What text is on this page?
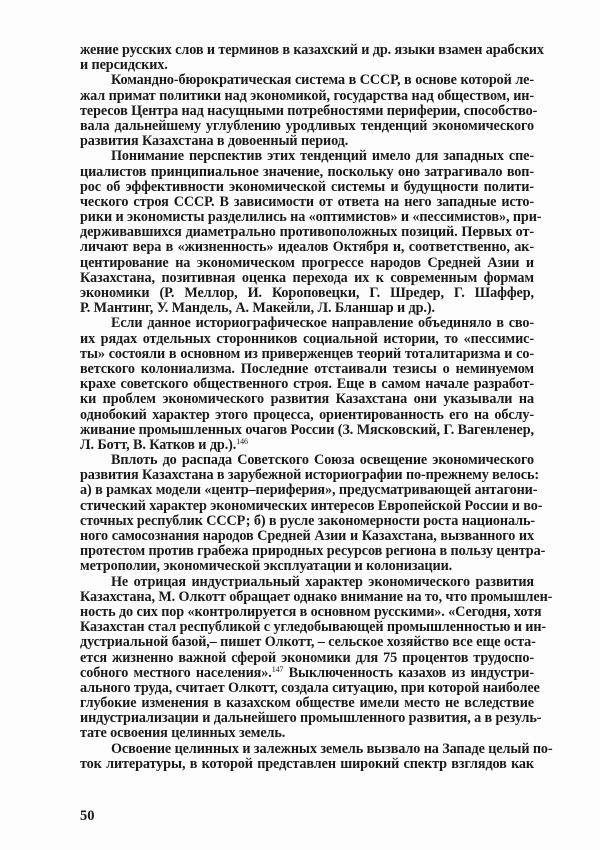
жение русских слов и терминов в казахский и др. языки взамен арабских
и персидских.
Командно-бюрократическая система в СССР, в основе которой ле-
жал примат политики над экономикой, государства над обществом, ин-
тересов Центра над насущными потребностями периферии, способство-
вала дальнейшему углублению уродливых тенденций экономического
развития Казахстана в довоенный период.
Понимание перспектив этих тенденций имело для западных спе-
циалистов принципиальное значение, поскольку оно затрагивало воп-
рос об эффективности экономической системы и будущности полити-
ческого строя СССР. В зависимости от ответа на него западные исто-
рики и экономисты разделились на «оптимистов» и «пессимистов», при-
держивавшихся диаметрально противоположных позиций. Первых от-
личают вера в «жизненность» идеалов Октября и, соответственно, ак-
центирование на экономическом прогрессе народов Средней Азии и
Казахстана, позитивная оценка перехода их к современным формам
экономики (Р. Меллор, И. Короповецки, Г. Шредер, Г. Шаффер,
Р. Мантинг, У. Мандель, А. Макейли, Л. Бланшар и др.).
Если данное историографическое направление объединяло в сво-
их рядах отдельных сторонников социальной истории, то «пессимис-
ты» состояли в основном из приверженцев теорий тоталитаризма и со-
ветского колониализма. Последние отстаивали тезисы о неминуемом
крахе советского общественного строя. Еще в самом начале разработ-
ки проблем экономического развития Казахстана они указывали на
однобокий характер этого процесса, ориентированность его на обслу-
живание промышленных очагов России (З. Мясковский, Г. Вагенленер,
Л. Ботт, В. Катков и др.).$^{146}$
Вплоть до распада Советского Союза освещение экономического
развития Казахстана в зарубежной историографии по-прежнему велось:
а) в рамках модели «центр–периферия», предусматривающей антагони-
стический характер экономических интересов Европейской России и во-
сточных республик СССР; б) в русле закономерности роста националь-
ного самосознания народов Средней Азии и Казахстана, вызванного их
протестом против грабежа природных ресурсов региона в пользу центра-
метрополии, экономической эксплуатации и колонизации.
Не отрицая индустриальный характер экономического развития
Казахстана, М. Олкотт обращает однако внимание на то, что промышлен-
ность до сих пор «контролируется в основном русскими». «Сегодня, хотя
Казахстан стал республикой с угледобывающей промышленностью и ин-
дустриальной базой,– пишет Олкотт, – сельское хозяйство все еще оста-
ется жизненно важной сферой экономики для 75 процентов трудоспо-
собного местного населения».$^{147}$ Выключенность казахов из индустри-
ального труда, считает Олкотт, создала ситуацию, при которой наиболее
глубокие изменения в казахском обществе имели место не вследствие
индустриализации и дальнейшего промышленного развития, а в резуль-
тате освоения целинных земель.
Освоение целинных и залежных земель вызвало на Западе целый по-
ток литературы, в которой представлен широкий спектр взглядов как
50
